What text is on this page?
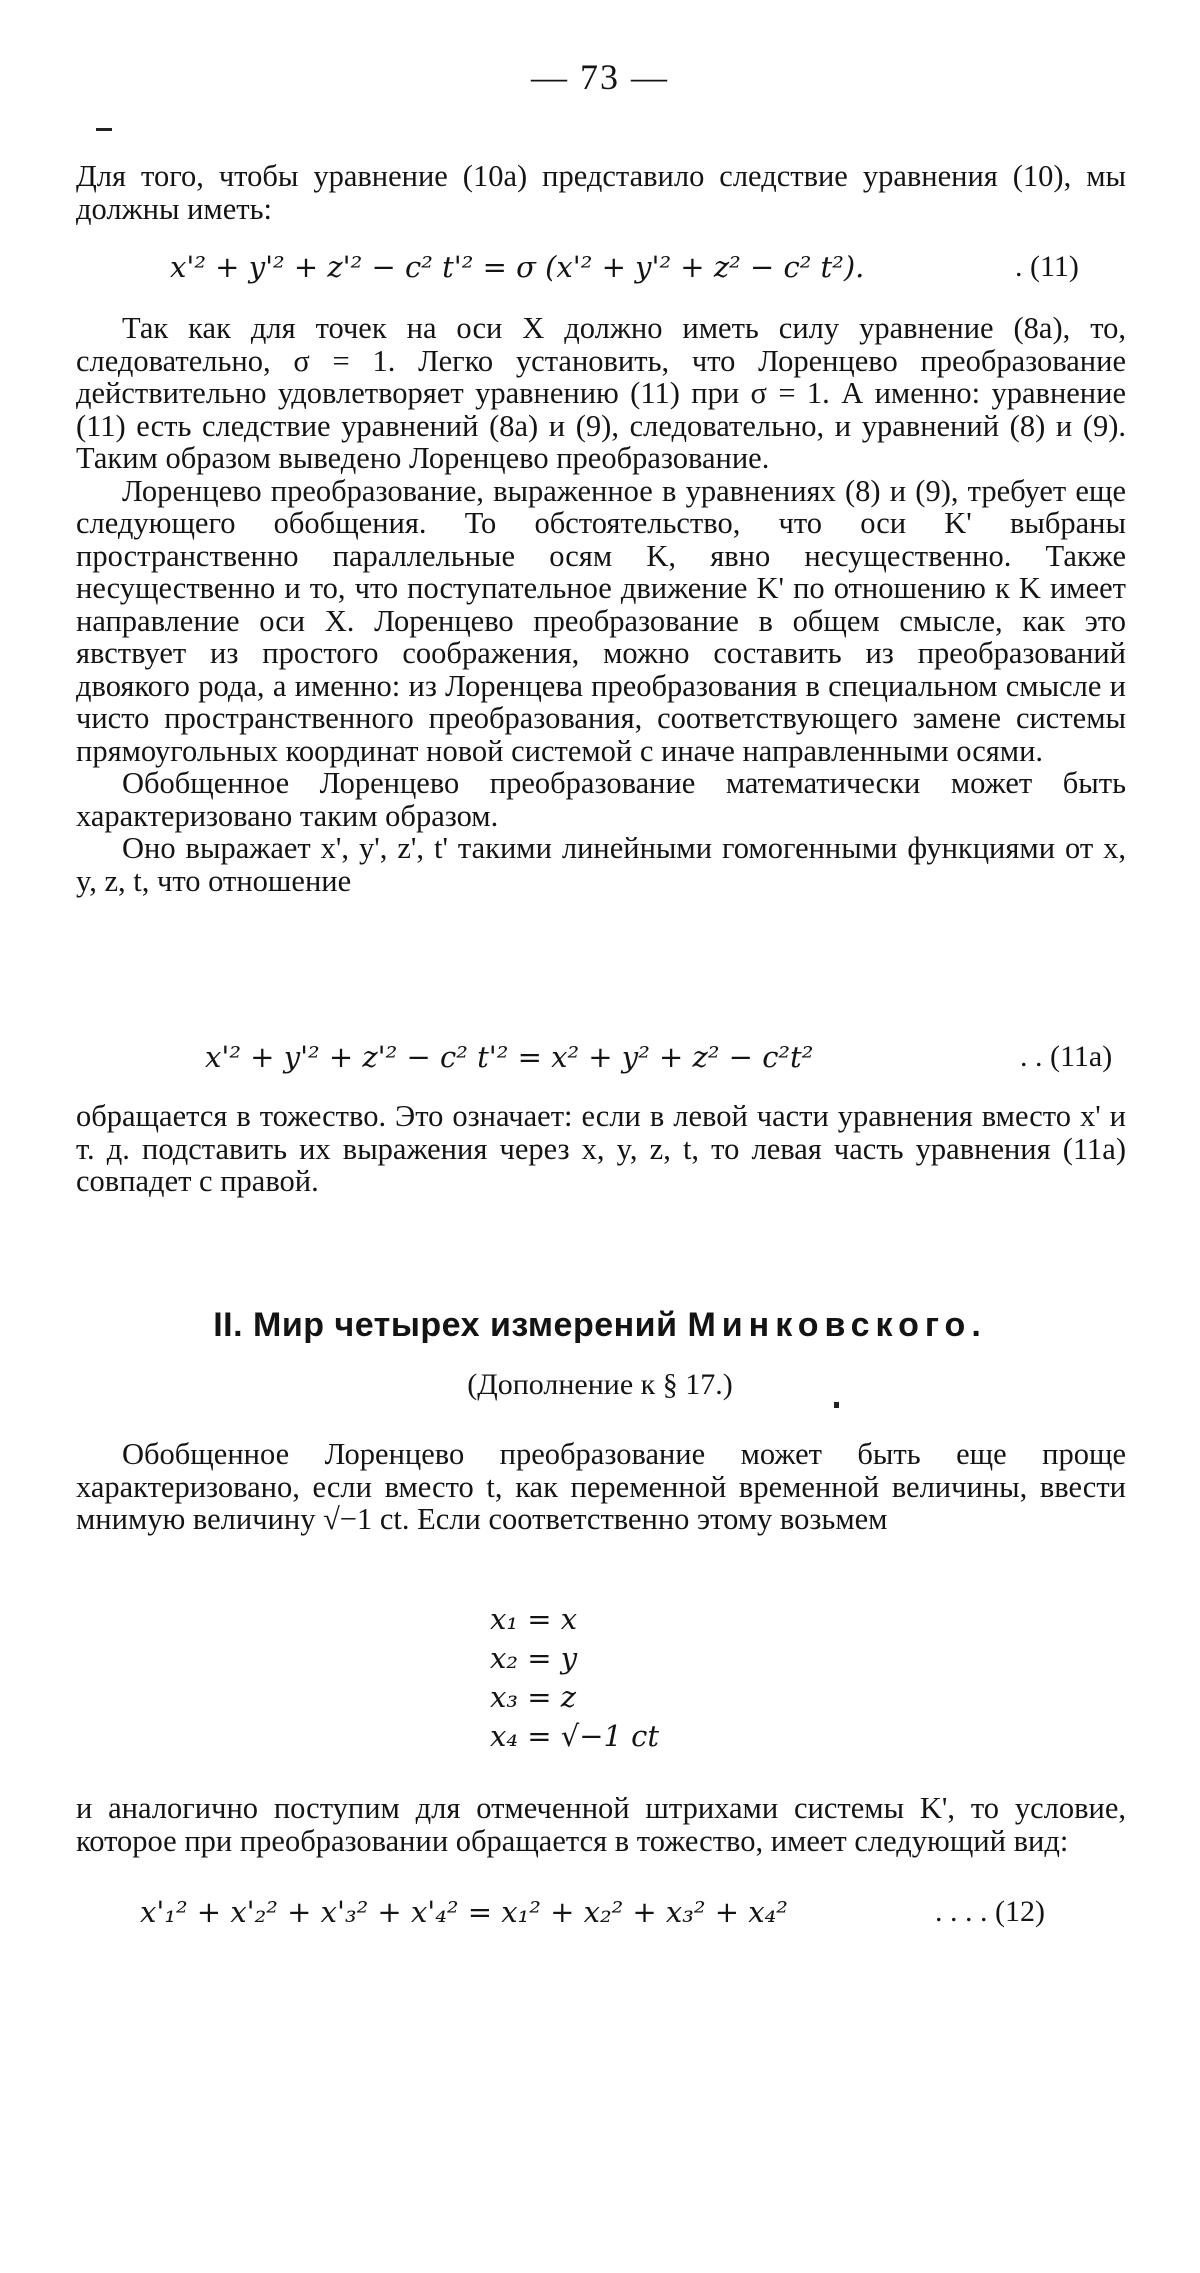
— 73 —

Для того, чтобы уравнение (10a) представило следствие уравнения (10), мы должны иметь:

x'² + y'² + z'² − c² t'² = σ (x'² + y'² + z² − c² t²).	. (11)

Так как для точек на оси X должно иметь силу уравнение (8a), то, следовательно, σ = 1. Легко установить, что Лоренцево преобразование действительно удовлетворяет уравнению (11) при σ = 1. А именно: уравнение (11) есть следствие уравнений (8a) и (9), следовательно, и уравнений (8) и (9). Таким образом выведено Лоренцево преобразование.

Лоренцево преобразование, выраженное в уравнениях (8) и (9), требует еще следующего обобщения. То обстоятельство, что оси K' выбраны пространственно параллельные осям K, явно несущественно. Также несущественно и то, что поступательное движение K' по отношению к K имеет направление оси X. Лоренцево преобразование в общем смысле, как это явствует из простого соображения, можно составить из преобразований двоякого рода, а именно: из Лоренцева преобразования в специальном смысле и чисто пространственного преобразования, соответствующего замене системы прямоугольных координат новой системой с иначе направленными осями.

Обобщенное Лоренцево преобразование математически может быть характеризовано таким образом.

Оно выражает x', y', z', t' такими линейными гомогенными функциями от x, y, z, t, что отношение

x'² + y'² + z'² − c² t'² = x² + y² + z² − c²t²	. . (11a)

обращается в тожество. Это означает: если в левой части уравнения вместо x' и т. д. подставить их выражения через x, y, z, t, то левая часть уравнения (11a) совпадет с правой.

II. Мир четырех измерений Минковского.
(Дополнение к § 17.)

Обобщенное Лоренцево преобразование может быть еще проще характеризовано, если вместо t, как переменной временной величины, ввести мнимую величину √−1 ct. Если соответственно этому возьмем

x₁ = x
x₂ = y
x₃ = z
x₄ = √−1 ct

и аналогично поступим для отмеченной штрихами системы K', то условие, которое при преобразовании обращается в тожество, имеет следующий вид:

x'₁² + x'₂² + x'₃² + x'₄² = x₁² + x₂² + x₃² + x₄²	. . . . (12)
